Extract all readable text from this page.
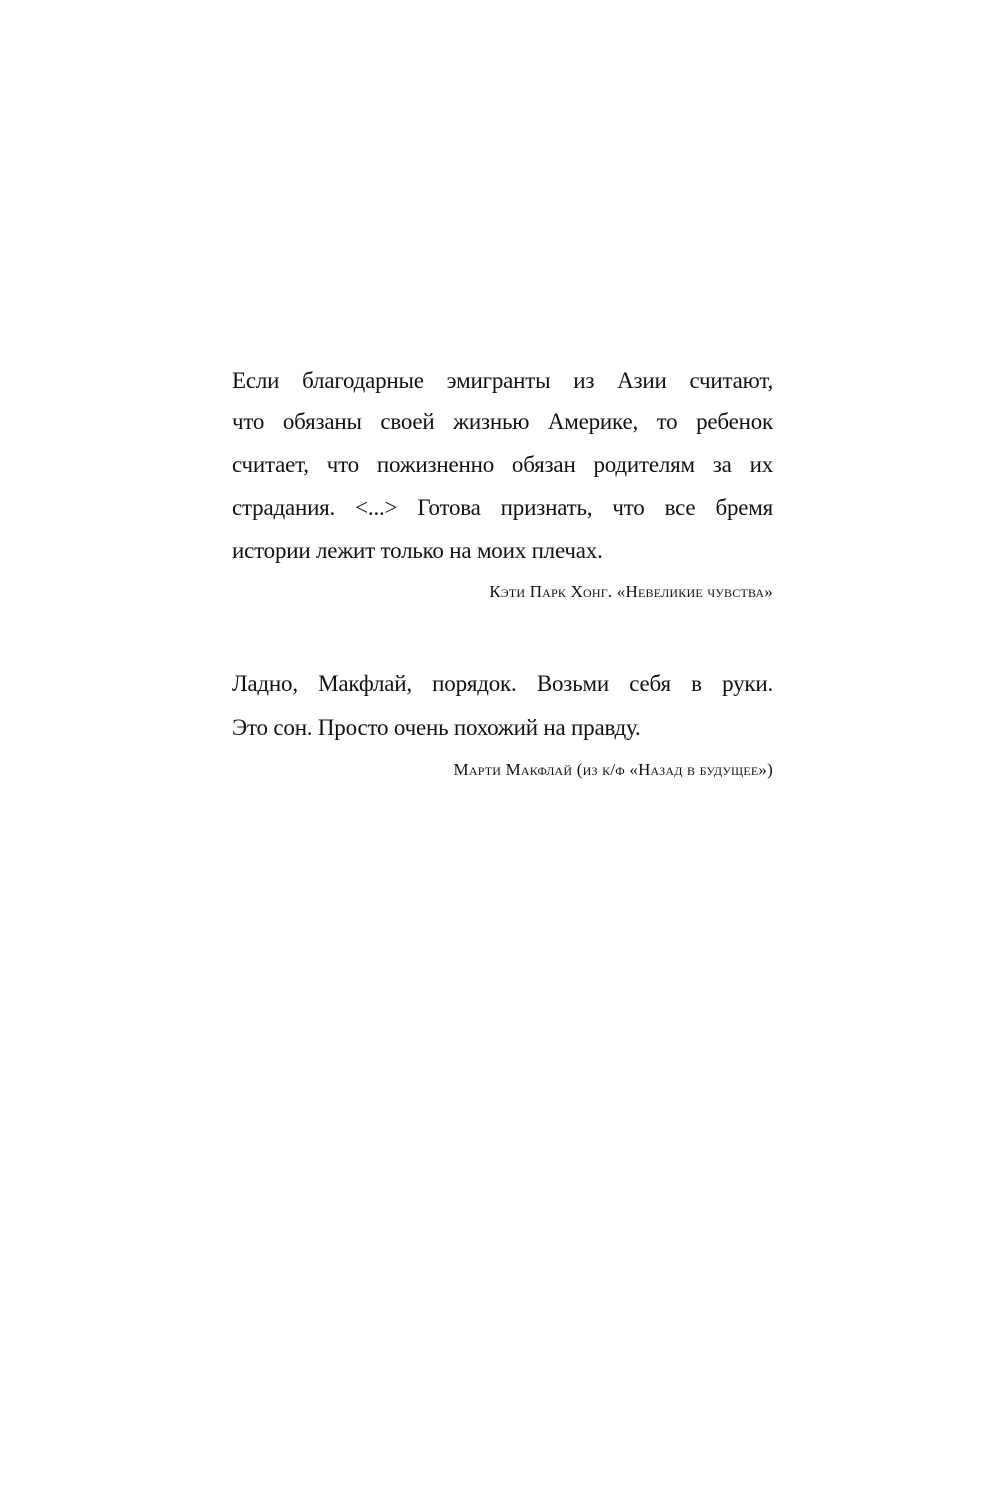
Если благодарные эмигранты из Азии считают,
что обязаны своей жизнью Америке, то ребенок
считает, что пожизненно обязан родителям за их
страдания. <...> Готова признать, что все бремя
истории лежит только на моих плечах.
Кэти Парк Хонг. «Невеликие чувства»
Ладно, Макфлай, порядок. Возьми себя в руки.
Это сон. Просто очень похожий на правду.
Марти Макфлай (из к/ф «Назад в будущее»)
